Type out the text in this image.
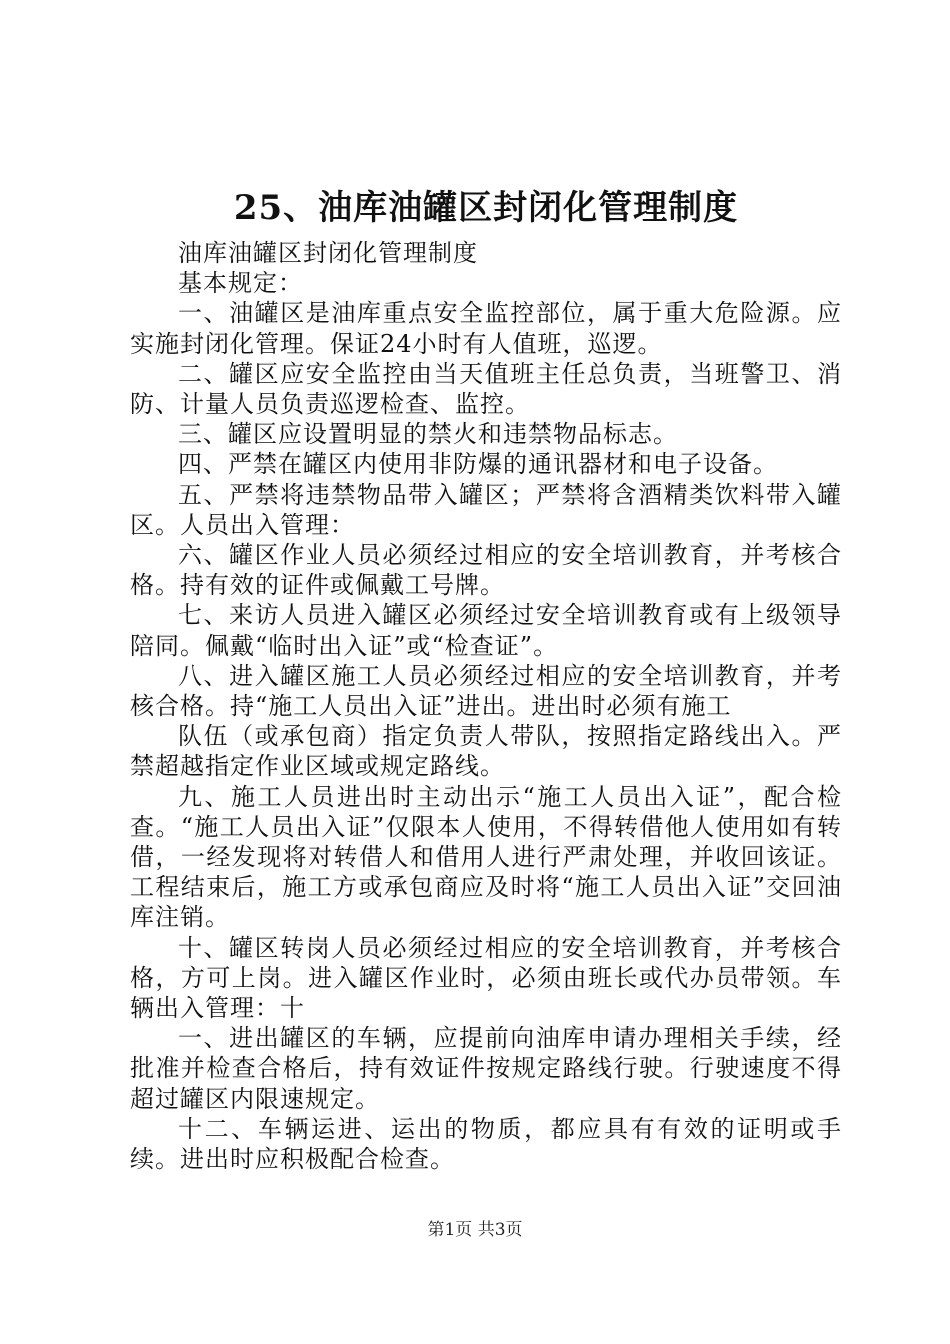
25、油库油罐区封闭化管理制度

油库油罐区封闭化管理制度

基本规定：

一、油罐区是油库重点安全监控部位，属于重大危险源。应实施封闭化管理。保证24小时有人值班，巡逻。

二、罐区应安全监控由当天值班主任总负责，当班警卫、消防、计量人员负责巡逻检查、监控。

三、罐区应设置明显的禁火和违禁物品标志。

四、严禁在罐区内使用非防爆的通讯器材和电子设备。

五、严禁将违禁物品带入罐区；严禁将含酒精类饮料带入罐区。人员出入管理：

六、罐区作业人员必须经过相应的安全培训教育，并考核合格。持有效的证件或佩戴工号牌。

七、来访人员进入罐区必须经过安全培训教育或有上级领导陪同。佩戴“临时出入证”或“检查证”。

八、进入罐区施工人员必须经过相应的安全培训教育，并考核合格。持“施工人员出入证”进出。进出时必须有施工

队伍（或承包商）指定负责人带队，按照指定路线出入。严禁超越指定作业区域或规定路线。

九、施工人员进出时主动出示“施工人员出入证”，配合检查。“施工人员出入证”仅限本人使用，不得转借他人使用如有转借，一经发现将对转借人和借用人进行严肃处理，并收回该证。工程结束后，施工方或承包商应及时将“施工人员出入证”交回油库注销。

十、罐区转岗人员必须经过相应的安全培训教育，并考核合格，方可上岗。进入罐区作业时，必须由班长或代办员带领。车辆出入管理：十

一、进出罐区的车辆，应提前向油库申请办理相关手续，经批准并检查合格后，持有效证件按规定路线行驶。行驶速度不得超过罐区内限速规定。

十二、车辆运进、运出的物质，都应具有有效的证明或手续。进出时应积极配合检查。

第1页 共3页
